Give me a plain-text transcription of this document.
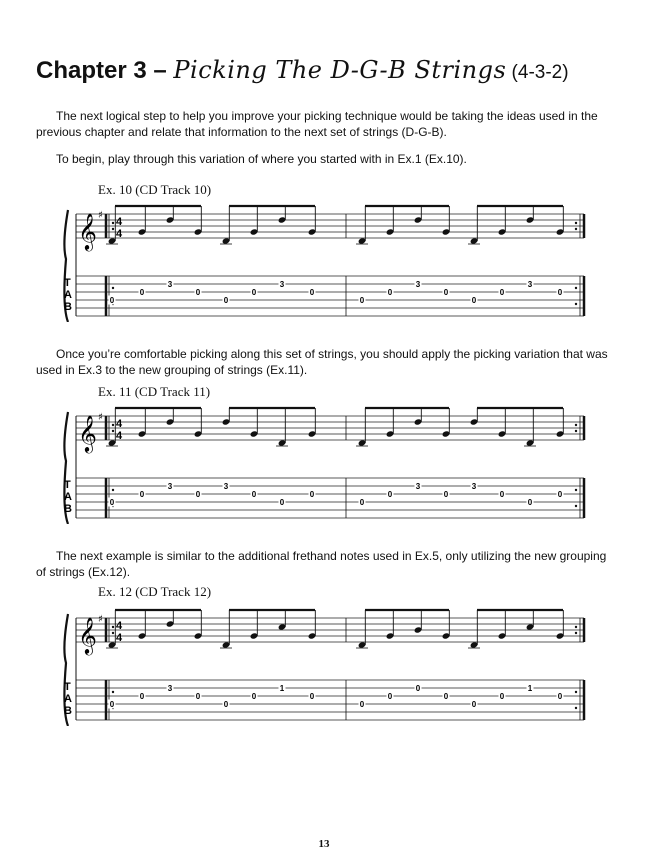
Chapter 3 – Picking The D-G-B Strings (4-3-2)
The next logical step to help you improve your picking technique would be taking the ideas used in the previous chapter and relate that information to the next set of strings (D-G-B).
To begin, play through this variation of where you started with in Ex.1 (Ex.10).
Ex. 10 (CD Track 10)
𝄞 ♯
4
4
T
A
B
0
0
3
0
0
0
3
0
0
0
3
0
0
0
3
0
Once you’re comfortable picking along this set of strings, you should apply the picking variation that was used in Ex.3 to the new grouping of strings (Ex.11).
Ex. 11 (CD Track 11)
𝄞 ♯
4
4
T
A
B
0
0
3
0
3
0
0
0
0
0
3
0
3
0
0
0
The next example is similar to the additional frethand notes used in Ex.5, only utilizing the new grouping of strings (Ex.12).
Ex. 12 (CD Track 12)
𝄞 ♯
4
4
T
A
B
0
0
3
0
0
0
1
0
0
0
0
0
0
0
1
0
13
